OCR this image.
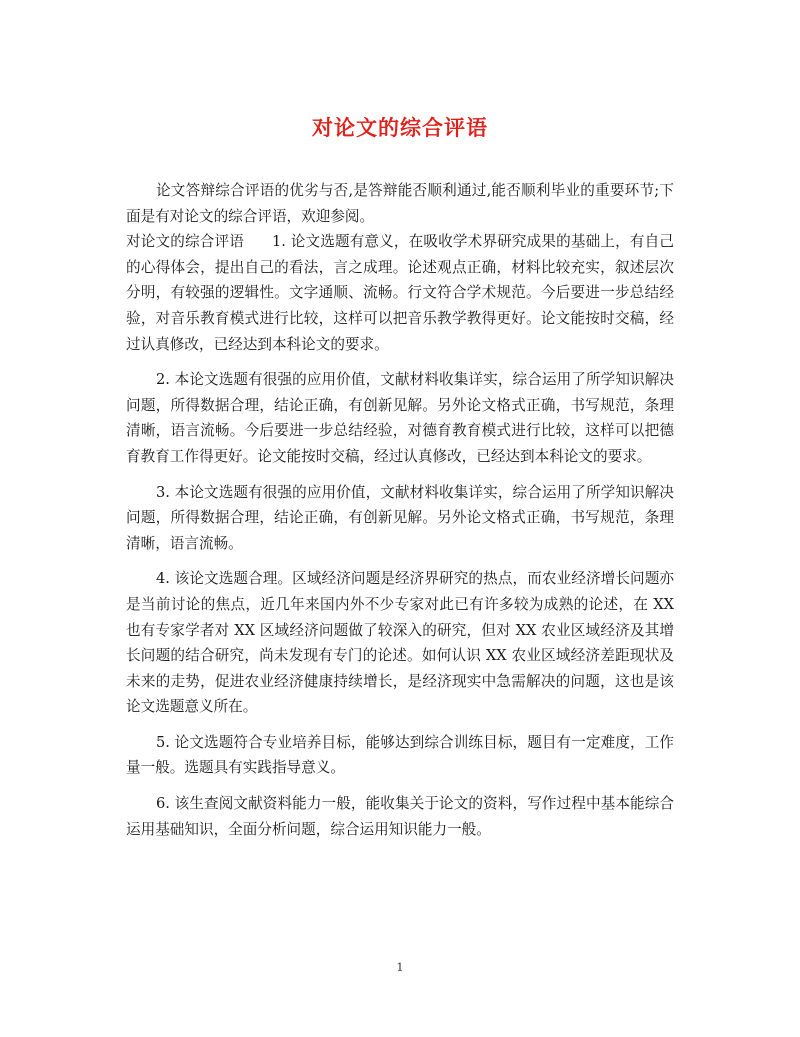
对论文的综合评语

论文答辩综合评语的优劣与否,是答辩能否顺利通过,能否顺利毕业的重要环节;下面是有对论文的综合评语，欢迎参阅。

对论文的综合评语 1. 论文选题有意义，在吸收学术界研究成果的基础上，有自己的心得体会，提出自己的看法，言之成理。论述观点正确，材料比较充实，叙述层次分明，有较强的逻辑性。文字通顺、流畅。行文符合学术规范。今后要进一步总结经验，对音乐教育模式进行比较，这样可以把音乐教学教得更好。论文能按时交稿，经过认真修改，已经达到本科论文的要求。

2. 本论文选题有很强的应用价值，文献材料收集详实，综合运用了所学知识解决问题，所得数据合理，结论正确，有创新见解。另外论文格式正确，书写规范，条理清晰，语言流畅。今后要进一步总结经验，对德育教育模式进行比较，这样可以把德育教育工作得更好。论文能按时交稿，经过认真修改，已经达到本科论文的要求。

3. 本论文选题有很强的应用价值，文献材料收集详实，综合运用了所学知识解决问题，所得数据合理，结论正确，有创新见解。另外论文格式正确，书写规范，条理清晰，语言流畅。

4. 该论文选题合理。区域经济问题是经济界研究的热点，而农业经济增长问题亦是当前讨论的焦点，近几年来国内外不少专家对此已有许多较为成熟的论述，在 XX 也有专家学者对 XX 区域经济问题做了较深入的研究，但对 XX 农业区域经济及其增长问题的结合研究，尚未发现有专门的论述。如何认识 XX 农业区域经济差距现状及未来的走势，促进农业经济健康持续增长，是经济现实中急需解决的问题，这也是该论文选题意义所在。

5. 论文选题符合专业培养目标，能够达到综合训练目标，题目有一定难度，工作量一般。选题具有实践指导意义。

6. 该生查阅文献资料能力一般，能收集关于论文的资料，写作过程中基本能综合运用基础知识，全面分析问题，综合运用知识能力一般。

1
